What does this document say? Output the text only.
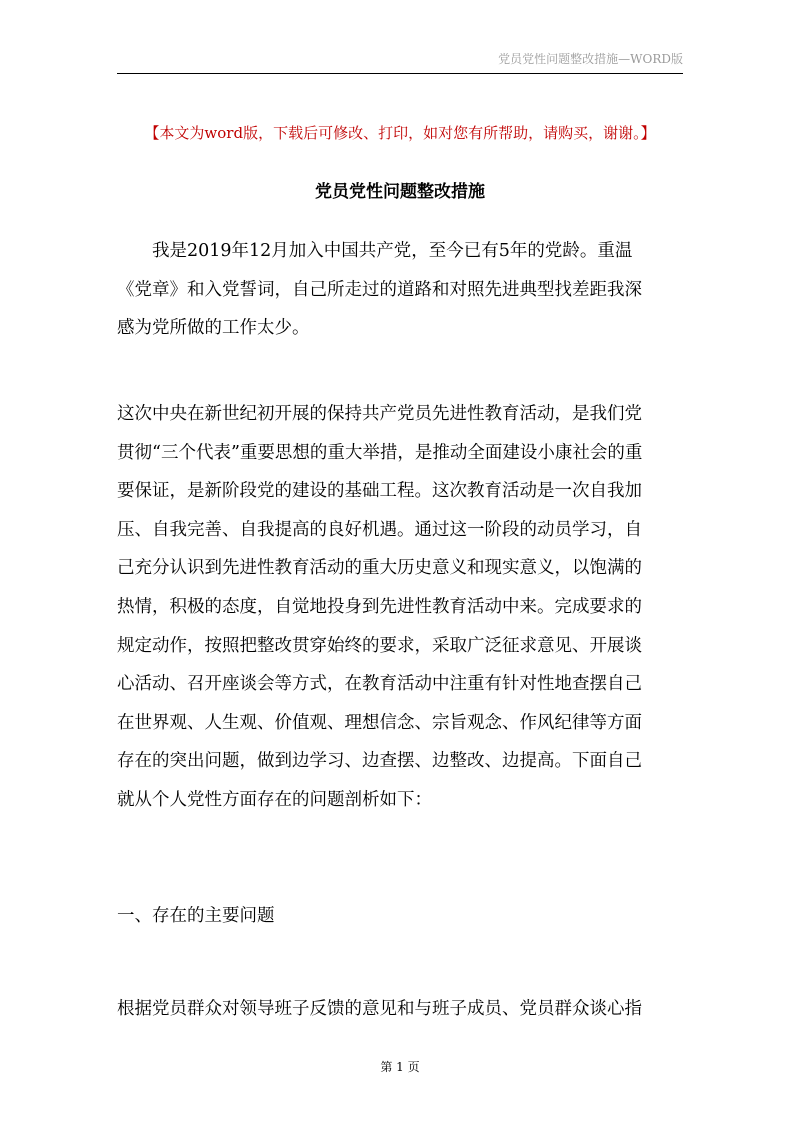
党员党性问题整改措施—WORD版
【本文为word版，下载后可修改、打印，如对您有所帮助，请购买，谢谢。】
党员党性问题整改措施
我是2019年12月加入中国共产党，至今已有5年的党龄。重温
《党章》和入党誓词，自己所走过的道路和对照先进典型找差距我深
感为党所做的工作太少。
这次中央在新世纪初开展的保持共产党员先进性教育活动，是我们党
贯彻“三个代表”重要思想的重大举措，是推动全面建设小康社会的重
要保证，是新阶段党的建设的基础工程。这次教育活动是一次自我加
压、自我完善、自我提高的良好机遇。通过这一阶段的动员学习，自
己充分认识到先进性教育活动的重大历史意义和现实意义，以饱满的
热情，积极的态度，自觉地投身到先进性教育活动中来。完成要求的
规定动作，按照把整改贯穿始终的要求，采取广泛征求意见、开展谈
心活动、召开座谈会等方式，在教育活动中注重有针对性地查摆自己
在世界观、人生观、价值观、理想信念、宗旨观念、作风纪律等方面
存在的突出问题，做到边学习、边查摆、边整改、边提高。下面自己
就从个人党性方面存在的问题剖析如下：
一、存在的主要问题
根据党员群众对领导班子反馈的意见和与班子成员、党员群众谈心指
第 1 页
